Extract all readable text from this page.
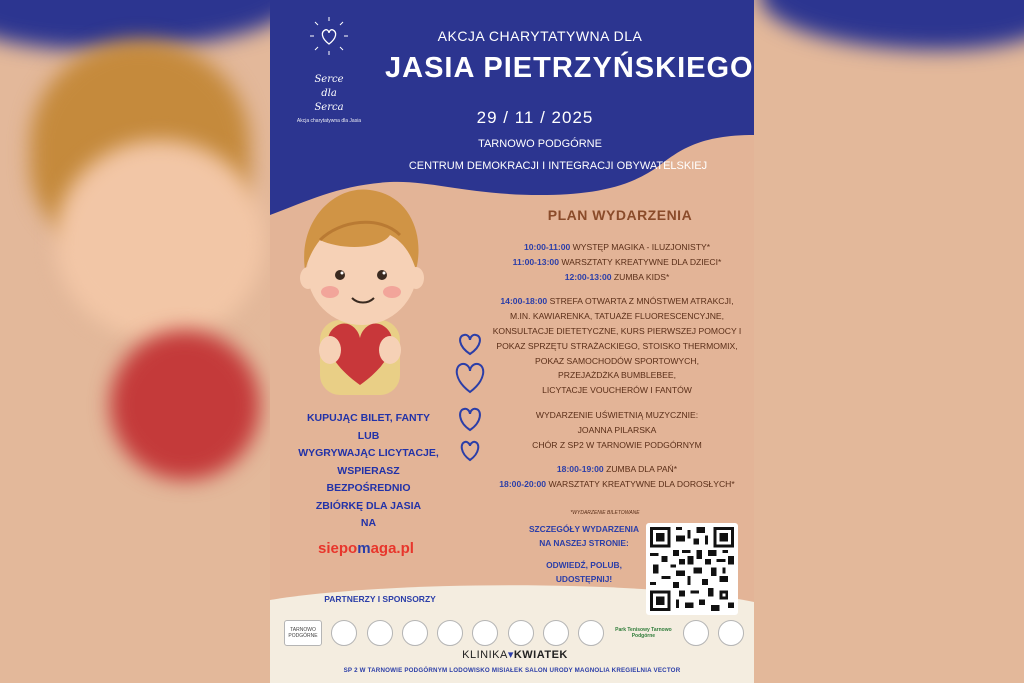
Serce
dla
Serca
Akcja charytatywna dla Jasia
AKCJA CHARYTATYWNA DLA
JASIA PIETRZYŃSKIEGO
29 / 11 / 2025
TARNOWO PODGÓRNE
CENTRUM DEMOKRACJI I INTEGRACJI OBYWATELSKIEJ
PLAN WYDARZENIA
10:00-11:00 WYSTĘP MAGIKA - ILUZJONISTY*
11:00-13:00 WARSZTATY KREATYWNE DLA DZIECI*
12:00-13:00 ZUMBA KIDS*
14:00-18:00 STREFA OTWARTA Z MNÓSTWEM ATRAKCJI,
M.IN. KAWIARENKA, TATUAŻE FLUORESCENCYJNE,
KONSULTACJE DIETETYCZNE, KURS PIERWSZEJ POMOCY I
POKAZ SPRZĘTU STRAŻACKIEGO, STOISKO THERMOMIX,
POKAZ SAMOCHODÓW SPORTOWYCH,
PRZEJAŻDŻKA BUMBLEBEE,
LICYTACJE VOUCHERÓW I FANTÓW
WYDARZENIE UŚWIETNIĄ MUZYCZNIE:
JOANNA PILARSKA
CHÓR Z SP2 W TARNOWIE PODGÓRNYM
18:00-19:00 ZUMBA DLA PAŃ*
18:00-20:00 WARSZTATY KREATYWNE DLA DOROSŁYCH*
KUPUJĄC BILET, FANTY
LUB
WYGRYWAJĄC LICYTACJE,
WSPIERASZ
BEZPOŚREDNIO
ZBIÓRKĘ DLA JASIA
NA
siepomaga.pl
*WYDARZENIE BILETOWANE
SZCZEGÓŁY WYDARZENIA
NA NASZEJ STRONIE:
ODWIEDŹ, POLUB,
UDOSTĘPNIJ!
PARTNERZY I SPONSORZY
TARNOWO PODGÓRNE
Park Tenisowy Tarnowo Podgórne
KLINIKA▾KWIATEK
SP 2 W TARNOWIE PODGÓRNYM LODOWISKO MISIAŁEK SALON URODY MAGNOLIA KREGIELNIA VECTOR
